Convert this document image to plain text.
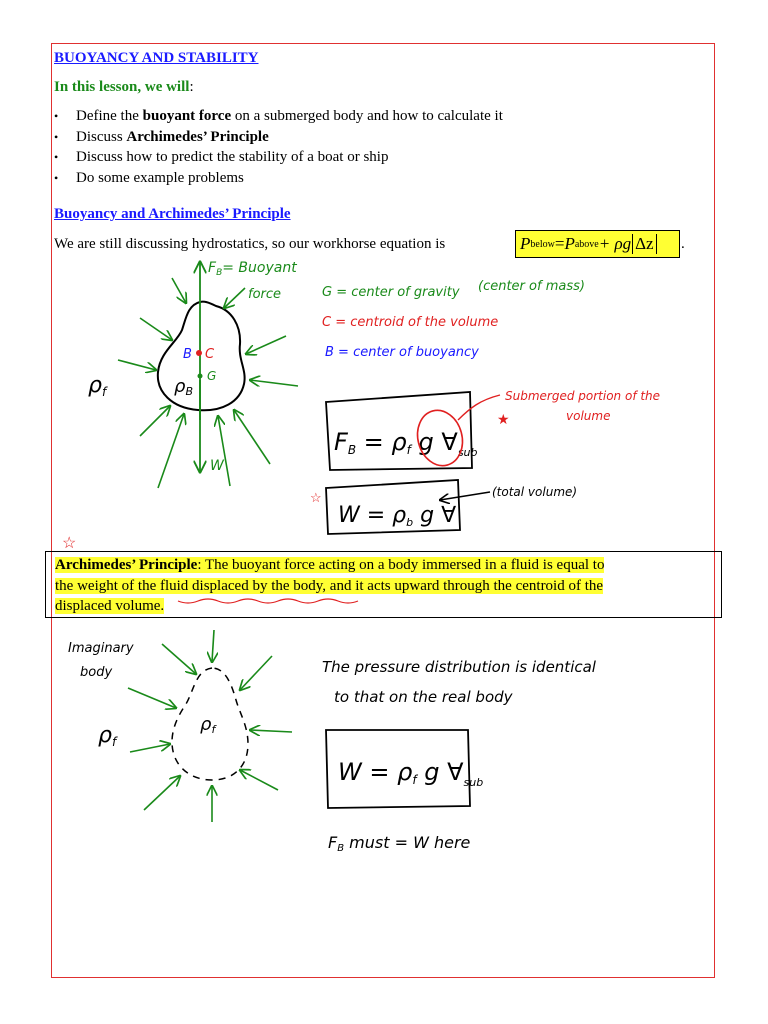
BUOYANCY AND STABILITY
In this lesson, we will:
• Define the buoyant force on a submerged body and how to calculate it
• Discuss Archimedes’ Principle
• Discuss how to predict the stability of a boat or ship
• Do some example problems
Buoyancy and Archimedes’ Principle
We are still discussing hydrostatics, so our workhorse equation is	P below = P above + ρg Δz .
$F_B=$ Buoyant
force
B C
G
ρB
ρf
W
G = center of gravity (center of mass)
C = centroid of the volume
B = center of buoyancy
FB = ρf g $\forall_{sub}$
Submerged portion of the
volume
★
W = ρb g ∀
(total volume)
☆
☆
Archimedes’ Principle: The buoyant force acting on a body immersed in a fluid is equal to
the weight of the fluid displaced by the body, and it acts upward through the centroid of the
displaced volume.
Imaginary
body
ρf
ρf
The pressure distribution is identical
to that on the real body
W = ρf g $\forall_{sub}$
FB must = W here
